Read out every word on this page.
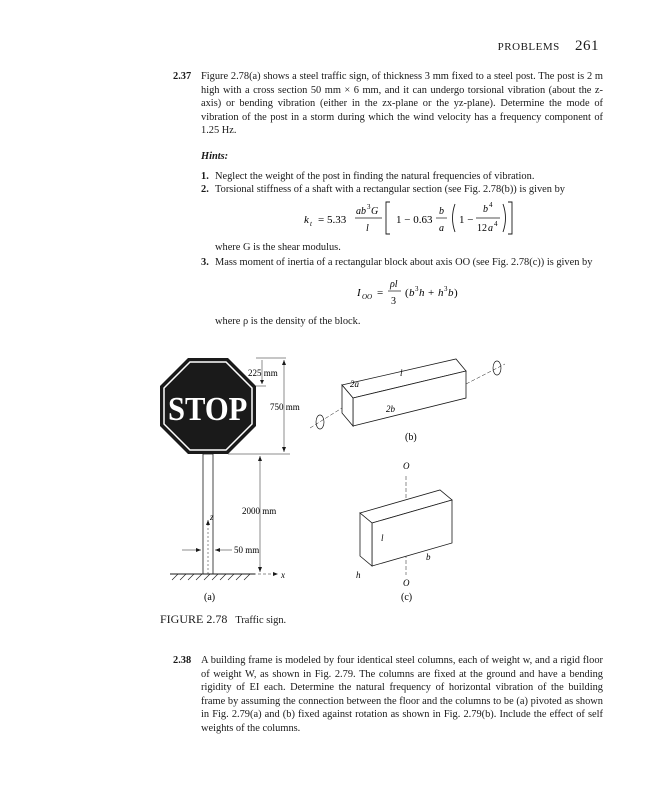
PROBLEMS 261
2.37 Figure 2.78(a) shows a steel traffic sign, of thickness 3 mm fixed to a steel post. The post is 2 m high with a cross section 50 mm × 6 mm, and it can undergo torsional vibration (about the z-axis) or bending vibration (either in the zx-plane or the yz-plane). Determine the mode of vibration of the post in a storm during which the wind velocity has a frequency component of 1.25 Hz.
Hints:
1. Neglect the weight of the post in finding the natural frequencies of vibration.
2. Torsional stiffness of a shaft with a rectangular section (see Fig. 2.78(b)) is given by
k t = 5.33
ab 3 G
l
1 − 0.63
b
a
1 −
b 4
12 a 4
where G is the shear modulus.
3. Mass moment of inertia of a rectangular block about axis OO (see Fig. 2.78(c)) is given by
I OO =
ρl
3
( b 3 h + h 3 b )
where ρ is the density of the block.
STOP
225 mm
750 mm
2000 mm
50 mm
z
x
(a)
2a
l
2b
(b)
O
l
b
h
O
(c)
FIGURE 2.78 Traffic sign.
2.38 A building frame is modeled by four identical steel columns, each of weight w, and a rigid floor of weight W, as shown in Fig. 2.79. The columns are fixed at the ground and have a bending rigidity of EI each. Determine the natural frequency of horizontal vibration of the building frame by assuming the connection between the floor and the columns to be (a) pivoted as shown in Fig. 2.79(a) and (b) fixed against rotation as shown in Fig. 2.79(b). Include the effect of self weights of the columns.
